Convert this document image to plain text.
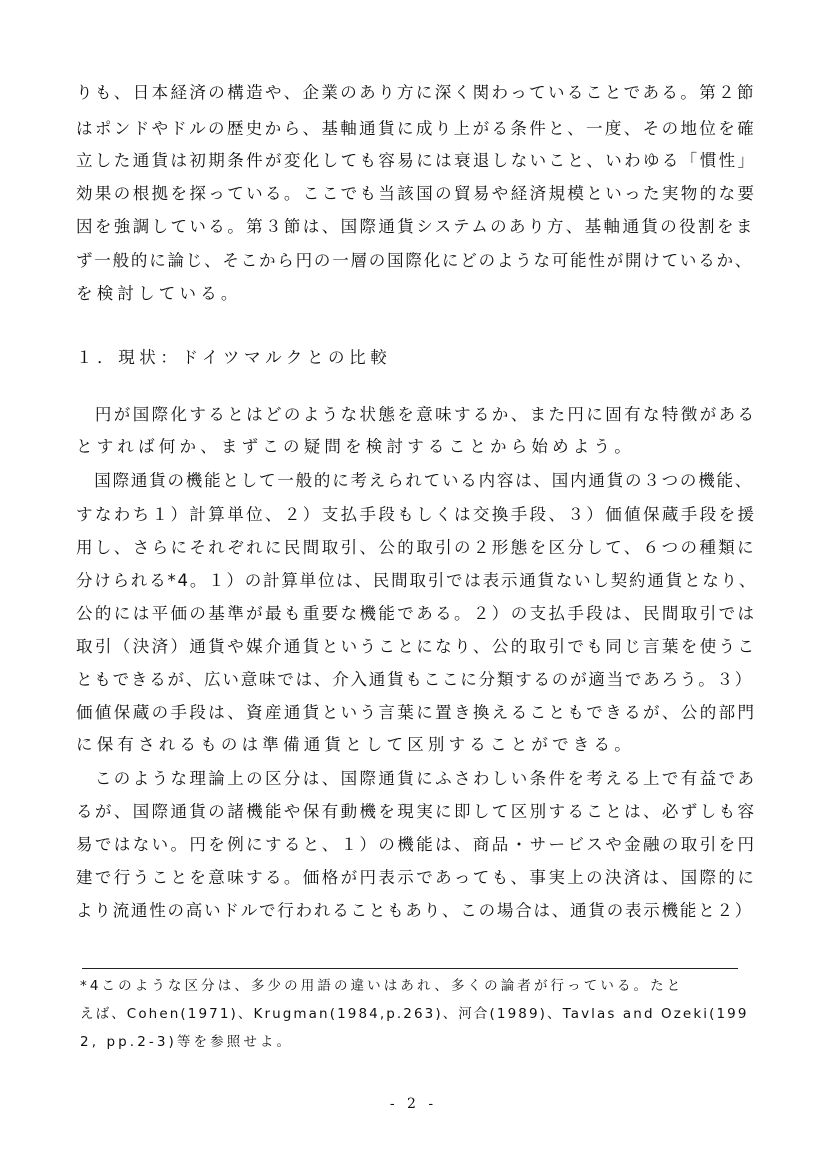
りも、日本経済の構造や、企業のあり方に深く関わっていることである。第２節
はポンドやドルの歴史から、基軸通貨に成り上がる条件と、一度、その地位を確
立した通貨は初期条件が変化しても容易には衰退しないこと、いわゆる「慣性」
効果の根拠を探っている。ここでも当該国の貿易や経済規模といった実物的な要
因を強調している。第３節は、国際通貨システムのあり方、基軸通貨の役割をま
ず一般的に論じ、そこから円の一層の国際化にどのような可能性が開けているか、
を検討している。
１．現状：ドイツマルクとの比較
　円が国際化するとはどのような状態を意味するか、また円に固有な特徴がある
とすれば何か、まずこの疑問を検討することから始めよう。
　国際通貨の機能として一般的に考えられている内容は、国内通貨の３つの機能、
すなわち１）計算単位、２）支払手段もしくは交換手段、３）価値保蔵手段を援
用し、さらにそれぞれに民間取引、公的取引の２形態を区分して、６つの種類に
分けられる*4。１）の計算単位は、民間取引では表示通貨ないし契約通貨となり、
公的には平価の基準が最も重要な機能である。２）の支払手段は、民間取引では
取引（決済）通貨や媒介通貨ということになり、公的取引でも同じ言葉を使うこ
ともできるが、広い意味では、介入通貨もここに分類するのが適当であろう。３）
価値保蔵の手段は、資産通貨という言葉に置き換えることもできるが、公的部門
に保有されるものは準備通貨として区別することができる。
　このような理論上の区分は、国際通貨にふさわしい条件を考える上で有益であ
るが、国際通貨の諸機能や保有動機を現実に即して区別することは、必ずしも容
易ではない。円を例にすると、１）の機能は、商品・サービスや金融の取引を円
建で行うことを意味する。価格が円表示であっても、事実上の決済は、国際的に
より流通性の高いドルで行われることもあり、この場合は、通貨の表示機能と２）
*4このような区分は、多少の用語の違いはあれ、多くの論者が行っている。たと
えば、Cohen(1971)、Krugman(1984,p.263)、河合(1989)、Tavlas and Ozeki(199
2, pp.2-3)等を参照せよ。
- 2 -
